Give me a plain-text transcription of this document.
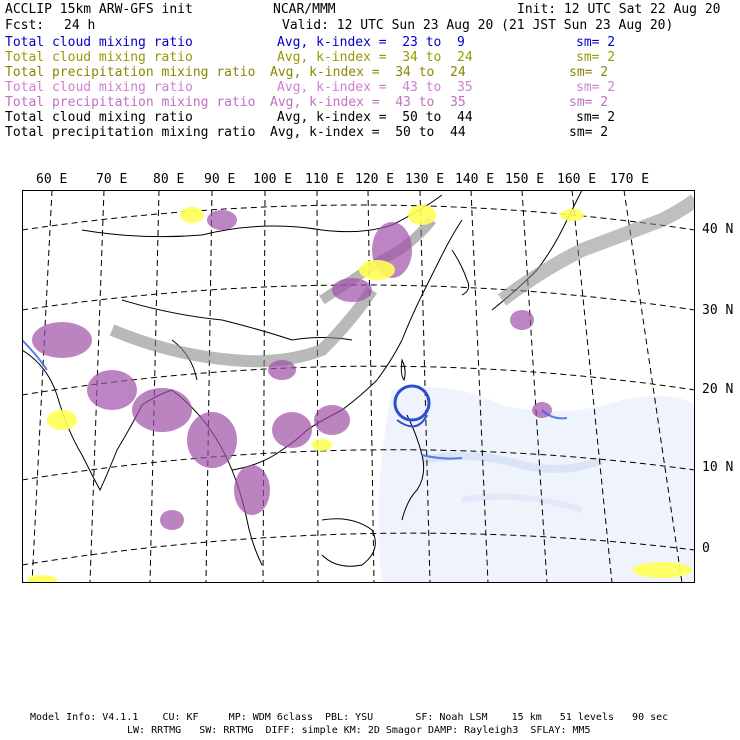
ACCLIP 15km ARW-GFS init	NCAR/MMM	Init: 12 UTC Sat 22 Aug 20
Fcst: 24 h	Valid: 12 UTC Sun 23 Aug 20 (21 JST Sun 23 Aug 20)
Total cloud mixing ratio	Avg, k-index =  23 to  9	sm= 2
Total cloud mixing ratio	Avg, k-index =  34 to  24	sm= 2
Total precipitation mixing ratio Avg, k-index =  34 to  24	sm= 2
Total cloud mixing ratio	Avg, k-index =  43 to  35	sm= 2
Total precipitation mixing ratio Avg, k-index =  43 to  35	sm= 2
Total cloud mixing ratio	Avg, k-index =  50 to  44	sm= 2
Total precipitation mixing ratio Avg, k-index =  50 to  44	sm= 2
60 E 70 E 80 E 90 E 100 E 110 E 120 E 130 E 140 E 150 E 160 E 170 E
40 N
30 N
20 N
10 N
0
Model Info: V4.1.1    CU: KF     MP: WDM 6class  PBL: YSU       SF: Noah LSM    15 km   51 levels   90 sec
LW: RRTMG   SW: RRTMG  DIFF: simple KM: 2D Smagor DAMP: Rayleigh3  SFLAY: MM5
